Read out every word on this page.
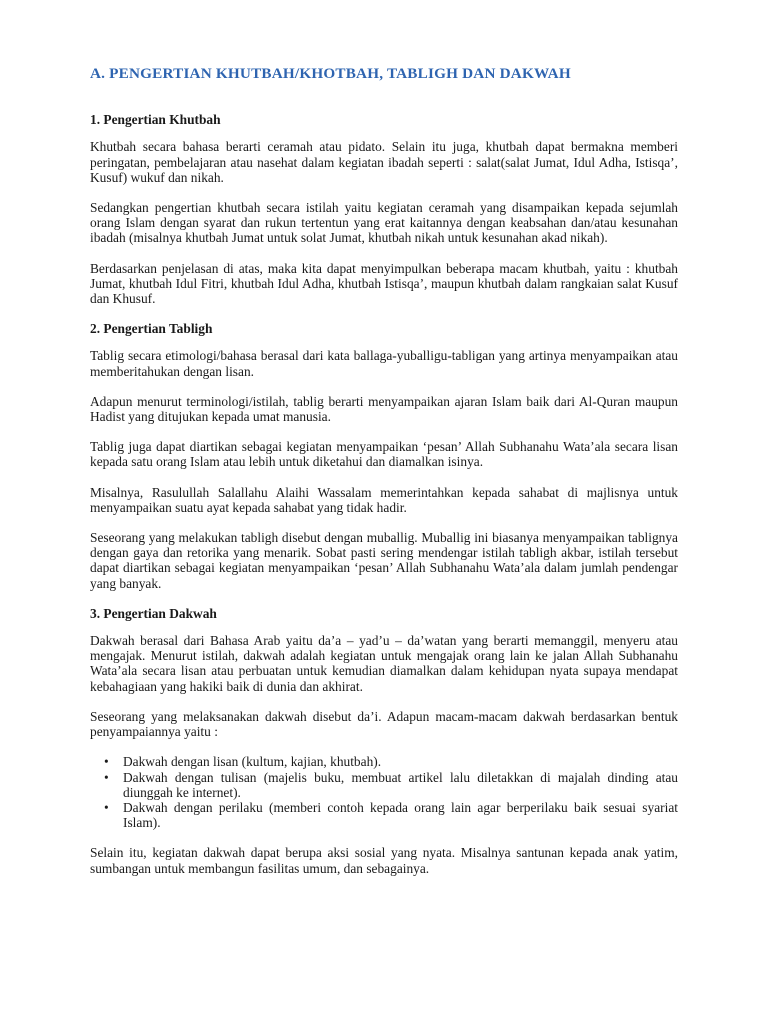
A. PENGERTIAN KHUTBAH/KHOTBAH, TABLIGH DAN DAKWAH
1. Pengertian Khutbah
Khutbah secara bahasa berarti ceramah atau pidato. Selain itu juga, khutbah dapat bermakna memberi peringatan, pembelajaran atau nasehat dalam kegiatan ibadah seperti : salat(salat Jumat, Idul Adha, Istisqa’, Kusuf) wukuf dan nikah.
Sedangkan pengertian khutbah secara istilah yaitu kegiatan ceramah yang disampaikan kepada sejumlah orang Islam dengan syarat dan rukun tertentun yang erat kaitannya dengan keabsahan dan/atau kesunahan ibadah (misalnya khutbah Jumat untuk solat Jumat, khutbah nikah untuk kesunahan akad nikah).
Berdasarkan penjelasan di atas, maka kita dapat menyimpulkan beberapa macam khutbah, yaitu : khutbah Jumat, khutbah Idul Fitri, khutbah Idul Adha, khutbah Istisqa’, maupun khutbah dalam rangkaian salat Kusuf dan Khusuf.
2. Pengertian Tabligh
Tablig secara etimologi/bahasa berasal dari kata ballaga-yuballigu-tabligan yang artinya menyampaikan atau memberitahukan dengan lisan.
Adapun menurut terminologi/istilah, tablig berarti menyampaikan ajaran Islam baik dari Al-Quran maupun Hadist yang ditujukan kepada umat manusia.
Tablig juga dapat diartikan sebagai kegiatan menyampaikan ‘pesan’ Allah Subhanahu Wata’ala secara lisan kepada satu orang Islam atau lebih untuk diketahui dan diamalkan isinya.
Misalnya, Rasulullah Salallahu Alaihi Wassalam memerintahkan kepada sahabat di majlisnya untuk menyampaikan suatu ayat kepada sahabat yang tidak hadir.
Seseorang yang melakukan tabligh disebut dengan muballig. Muballig ini biasanya menyampaikan tablignya dengan gaya dan retorika yang menarik. Sobat pasti sering mendengar istilah tabligh akbar, istilah tersebut dapat diartikan sebagai kegiatan menyampaikan ‘pesan’ Allah Subhanahu Wata’ala dalam jumlah pendengar yang banyak.
3. Pengertian Dakwah
Dakwah berasal dari Bahasa Arab yaitu da’a – yad’u – da’watan yang berarti memanggil, menyeru atau mengajak. Menurut istilah, dakwah adalah kegiatan untuk mengajak orang lain ke jalan Allah Subhanahu Wata’ala secara lisan atau perbuatan untuk kemudian diamalkan dalam kehidupan nyata supaya mendapat kebahagiaan yang hakiki baik di dunia dan akhirat.
Seseorang yang melaksanakan dakwah disebut da’i. Adapun macam-macam dakwah berdasarkan bentuk penyampaiannya yaitu :
• Dakwah dengan lisan (kultum, kajian, khutbah).
• Dakwah dengan tulisan (majelis buku, membuat artikel lalu diletakkan di majalah dinding atau diunggah ke internet).
• Dakwah dengan perilaku (memberi contoh kepada orang lain agar berperilaku baik sesuai syariat Islam).
Selain itu, kegiatan dakwah dapat berupa aksi sosial yang nyata. Misalnya santunan kepada anak yatim, sumbangan untuk membangun fasilitas umum, dan sebagainya.
